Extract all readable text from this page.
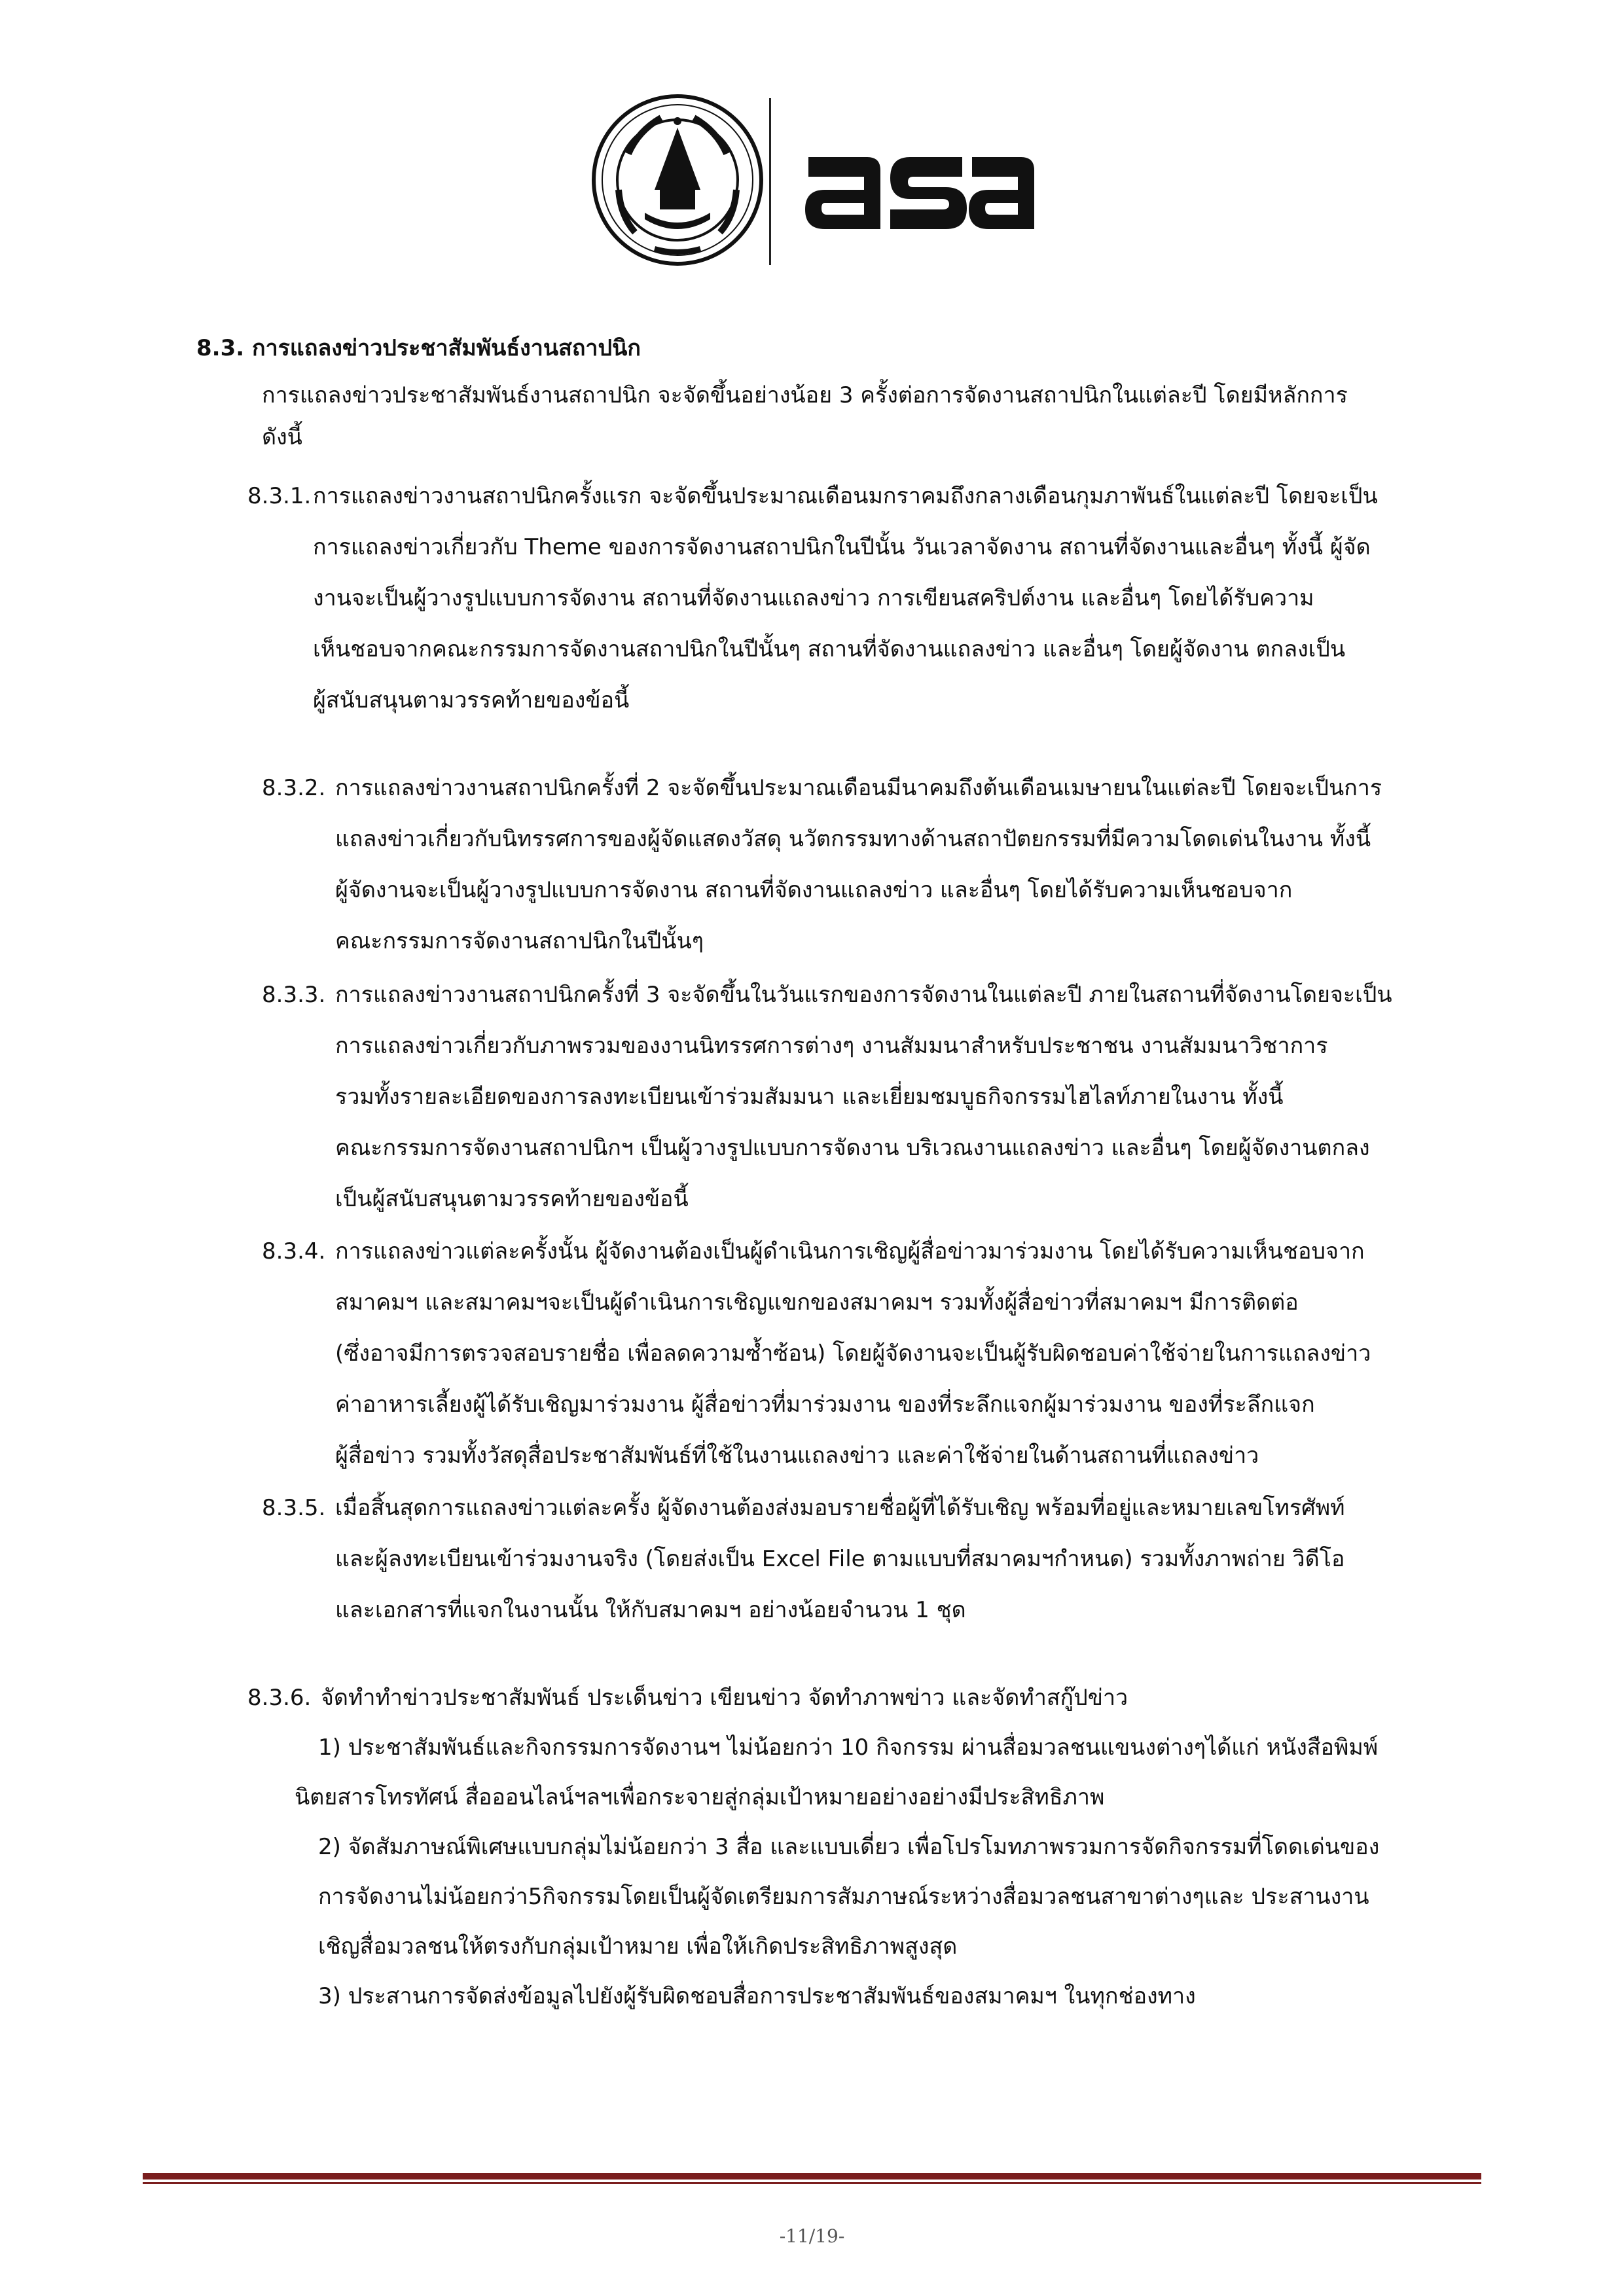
8.3. การแถลงข่าวประชาสัมพันธ์งานสถาปนิก
การแถลงข่าวประชาสัมพันธ์งานสถาปนิก จะจัดขึ้นอย่างน้อย 3 ครั้งต่อการจัดงานสถาปนิกในแต่ละปี โดยมีหลักการ
ดังนี้
8.3.1. การแถลงข่าวงานสถาปนิกครั้งแรก จะจัดขึ้นประมาณเดือนมกราคมถึงกลางเดือนกุมภาพันธ์ในแต่ละปี โดยจะเป็น
การแถลงข่าวเกี่ยวกับ Theme ของการจัดงานสถาปนิกในปีนั้น วันเวลาจัดงาน สถานที่จัดงานและอื่นๆ ทั้งนี้ ผู้จัด
งานจะเป็นผู้วางรูปแบบการจัดงาน สถานที่จัดงานแถลงข่าว การเขียนสคริปต์งาน และอื่นๆ โดยได้รับความ
เห็นชอบจากคณะกรรมการจัดงานสถาปนิกในปีนั้นๆ สถานที่จัดงานแถลงข่าว และอื่นๆ โดยผู้จัดงาน ตกลงเป็น
ผู้สนับสนุนตามวรรคท้ายของข้อนี้
8.3.2. การแถลงข่าวงานสถาปนิกครั้งที่ 2 จะจัดขึ้นประมาณเดือนมีนาคมถึงต้นเดือนเมษายนในแต่ละปี โดยจะเป็นการ
แถลงข่าวเกี่ยวกับนิทรรศการของผู้จัดแสดงวัสดุ นวัตกรรมทางด้านสถาปัตยกรรมที่มีความโดดเด่นในงาน ทั้งนี้
ผู้จัดงานจะเป็นผู้วางรูปแบบการจัดงาน สถานที่จัดงานแถลงข่าว และอื่นๆ โดยได้รับความเห็นชอบจาก
คณะกรรมการจัดงานสถาปนิกในปีนั้นๆ
8.3.3. การแถลงข่าวงานสถาปนิกครั้งที่ 3 จะจัดขึ้นในวันแรกของการจัดงานในแต่ละปี ภายในสถานที่จัดงานโดยจะเป็น
การแถลงข่าวเกี่ยวกับภาพรวมของงานนิทรรศการต่างๆ งานสัมมนาสำหรับประชาชน งานสัมมนาวิชาการ
รวมทั้งรายละเอียดของการลงทะเบียนเข้าร่วมสัมมนา และเยี่ยมชมบูธกิจกรรมไฮไลท์ภายในงาน ทั้งนี้
คณะกรรมการจัดงานสถาปนิกฯ เป็นผู้วางรูปแบบการจัดงาน บริเวณงานแถลงข่าว และอื่นๆ โดยผู้จัดงานตกลง
เป็นผู้สนับสนุนตามวรรคท้ายของข้อนี้
8.3.4. การแถลงข่าวแต่ละครั้งนั้น ผู้จัดงานต้องเป็นผู้ดำเนินการเชิญผู้สื่อข่าวมาร่วมงาน โดยได้รับความเห็นชอบจาก
สมาคมฯ และสมาคมฯจะเป็นผู้ดำเนินการเชิญแขกของสมาคมฯ รวมทั้งผู้สื่อข่าวที่สมาคมฯ มีการติดต่อ
(ซึ่งอาจมีการตรวจสอบรายชื่อ เพื่อลดความซ้ำซ้อน) โดยผู้จัดงานจะเป็นผู้รับผิดชอบค่าใช้จ่ายในการแถลงข่าว
ค่าอาหารเลี้ยงผู้ได้รับเชิญมาร่วมงาน ผู้สื่อข่าวที่มาร่วมงาน ของที่ระลึกแจกผู้มาร่วมงาน ของที่ระลึกแจก
ผู้สื่อข่าว รวมทั้งวัสดุสื่อประชาสัมพันธ์ที่ใช้ในงานแถลงข่าว และค่าใช้จ่ายในด้านสถานที่แถลงข่าว
8.3.5. เมื่อสิ้นสุดการแถลงข่าวแต่ละครั้ง ผู้จัดงานต้องส่งมอบรายชื่อผู้ที่ได้รับเชิญ พร้อมที่อยู่และหมายเลขโทรศัพท์
และผู้ลงทะเบียนเข้าร่วมงานจริง (โดยส่งเป็น Excel File ตามแบบที่สมาคมฯกำหนด) รวมทั้งภาพถ่าย วิดีโอ
และเอกสารที่แจกในงานนั้น ให้กับสมาคมฯ อย่างน้อยจำนวน 1 ชุด
8.3.6. จัดทำทำข่าวประชาสัมพันธ์ ประเด็นข่าว เขียนข่าว จัดทำภาพข่าว และจัดทำสกู๊ปข่าว
1) ประชาสัมพันธ์และกิจกรรมการจัดงานฯ ไม่น้อยกว่า 10 กิจกรรม ผ่านสื่อมวลชนแขนงต่างๆได้แก่ หนังสือพิมพ์
นิตยสารโทรทัศน์ สื่อออนไลน์ฯลฯเพื่อกระจายสู่กลุ่มเป้าหมายอย่างอย่างมีประสิทธิภาพ
2) จัดสัมภาษณ์พิเศษแบบกลุ่มไม่น้อยกว่า 3 สื่อ และแบบเดี่ยว เพื่อโปรโมทภาพรวมการจัดกิจกรรมที่โดดเด่นของ
การจัดงานไม่น้อยกว่า5กิจกรรมโดยเป็นผู้จัดเตรียมการสัมภาษณ์ระหว่างสื่อมวลชนสาขาต่างๆและ ประสานงาน
เชิญสื่อมวลชนให้ตรงกับกลุ่มเป้าหมาย เพื่อให้เกิดประสิทธิภาพสูงสุด
3) ประสานการจัดส่งข้อมูลไปยังผู้รับผิดชอบสื่อการประชาสัมพันธ์ของสมาคมฯ ในทุกช่องทาง
-11/19-
